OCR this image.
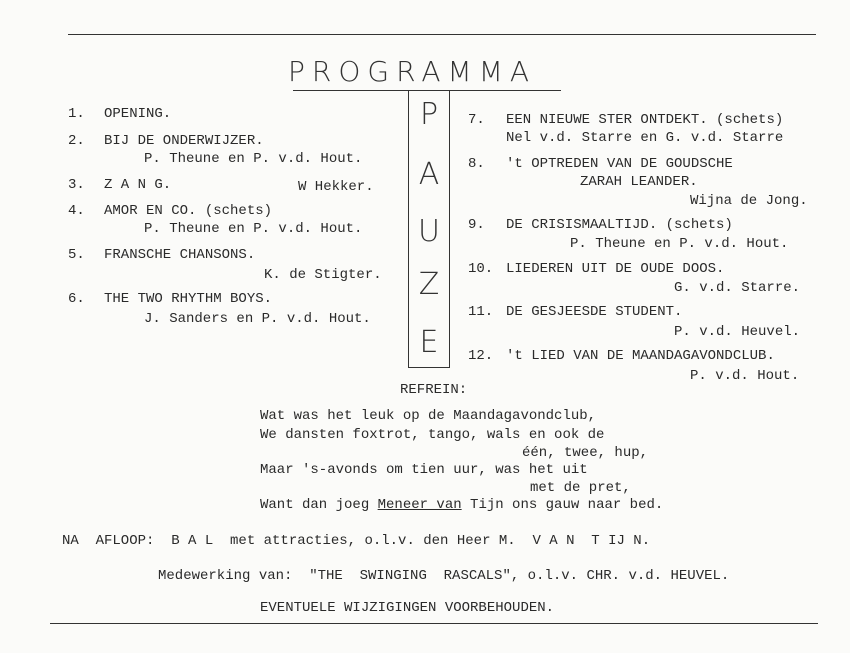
PROGRAMMA
P
A
U
Z
E
1. OPENING.
2. BIJ DE ONDERWIJZER.
P. Theune en P. v.d. Hout.
3. Z A N G.	W Hekker.
4. AMOR EN CO. (schets)
P. Theune en P. v.d. Hout.
5. FRANSCHE CHANSONS.
K. de Stigter.
6. THE TWO RHYTHM BOYS.
J. Sanders en P. v.d. Hout.
7. EEN NIEUWE STER ONTDEKT. (schets)
Nel v.d. Starre en G. v.d. Starre
8. 't OPTREDEN VAN DE GOUDSCHE
ZARAH LEANDER.
Wijna de Jong.
9. DE CRISISMAALTIJD. (schets)
P. Theune en P. v.d. Hout.
10. LIEDEREN UIT DE OUDE DOOS.
G. v.d. Starre.
11. DE GESJEESDE STUDENT.
P. v.d. Heuvel.
12. 't LIED VAN DE MAANDAGAVONDCLUB.
P. v.d. Hout.
REFREIN:
Wat was het leuk op de Maandagavondclub,
We dansten foxtrot, tango, wals en ook de
één, twee, hup,
Maar 's-avonds om tien uur, was het uit
met de pret,
Want dan joeg Meneer van Tijn ons gauw naar bed.
NA  AFLOOP:  B A L  met attracties, o.l.v. den Heer M.  V A N  T IJ N.
Medewerking van:  "THE  SWINGING  RASCALS", o.l.v. CHR. v.d. HEUVEL.
EVENTUELE WIJZIGINGEN VOORBEHOUDEN.
